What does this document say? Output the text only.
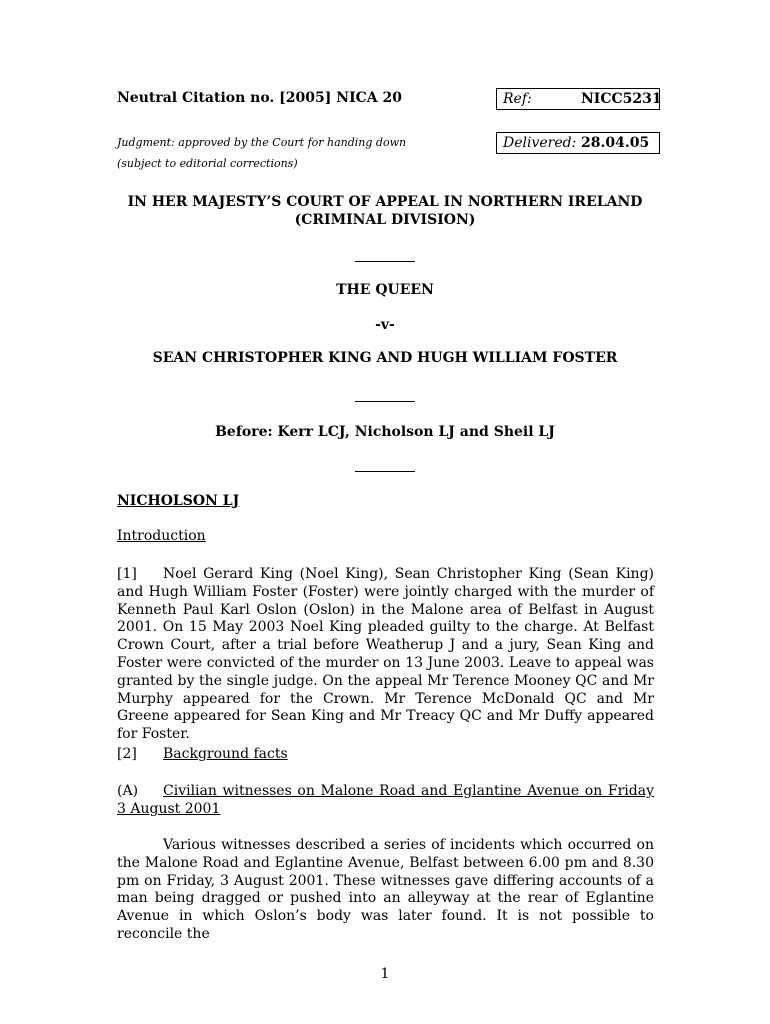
Neutral Citation no. [2005] NICA 20	Ref:	NICC5231
Judgment: approved by the Court for handing down	Delivered: 28.04.05
(subject to editorial corrections)
IN HER MAJESTY’S COURT OF APPEAL IN NORTHERN IRELAND
(CRIMINAL DIVISION)
THE QUEEN
-v-
SEAN CHRISTOPHER KING AND HUGH WILLIAM FOSTER
Before: Kerr LCJ, Nicholson LJ and Sheil LJ
NICHOLSON LJ
Introduction
[1] Noel Gerard King (Noel King), Sean Christopher King (Sean King) and Hugh William Foster (Foster) were jointly charged with the murder of Kenneth Paul Karl Oslon (Oslon) in the Malone area of Belfast in August 2001. On 15 May 2003 Noel King pleaded guilty to the charge. At Belfast Crown Court, after a trial before Weatherup J and a jury, Sean King and Foster were convicted of the murder on 13 June 2003. Leave to appeal was granted by the single judge. On the appeal Mr Terence Mooney QC and Mr Murphy appeared for the Crown. Mr Terence McDonald QC and Mr Greene appeared for Sean King and Mr Treacy QC and Mr Duffy appeared for Foster.
[2] Background facts
(A) Civilian witnesses on Malone Road and Eglantine Avenue on Friday 3 August 2001
Various witnesses described a series of incidents which occurred on the Malone Road and Eglantine Avenue, Belfast between 6.00 pm and 8.30 pm on Friday, 3 August 2001. These witnesses gave differing accounts of a man being dragged or pushed into an alleyway at the rear of Eglantine Avenue in which Oslon’s body was later found. It is not possible to reconcile the
1
